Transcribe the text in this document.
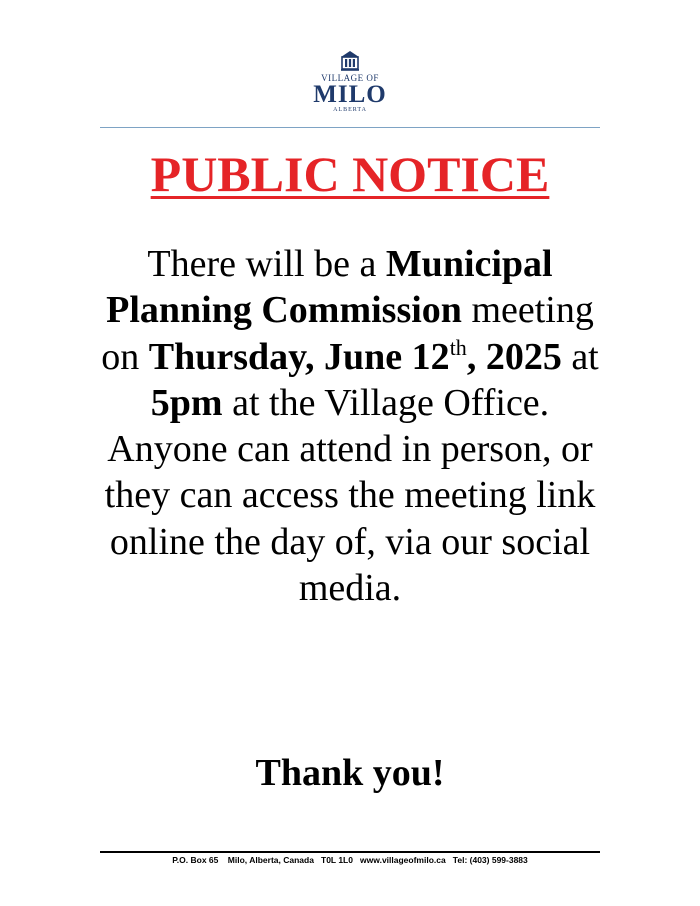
VILLAGE OF
MILO
ALBERTA
PUBLIC NOTICE

There will be a Municipal Planning Commission meeting on Thursday, June 12th, 2025 at 5pm at the Village Office. Anyone can attend in person, or they can access the meeting link online the day of, via our social media.

Thank you!

P.O. Box 65    Milo, Alberta, Canada   T0L 1L0   www.villageofmilo.ca   Tel: (403) 599-3883
